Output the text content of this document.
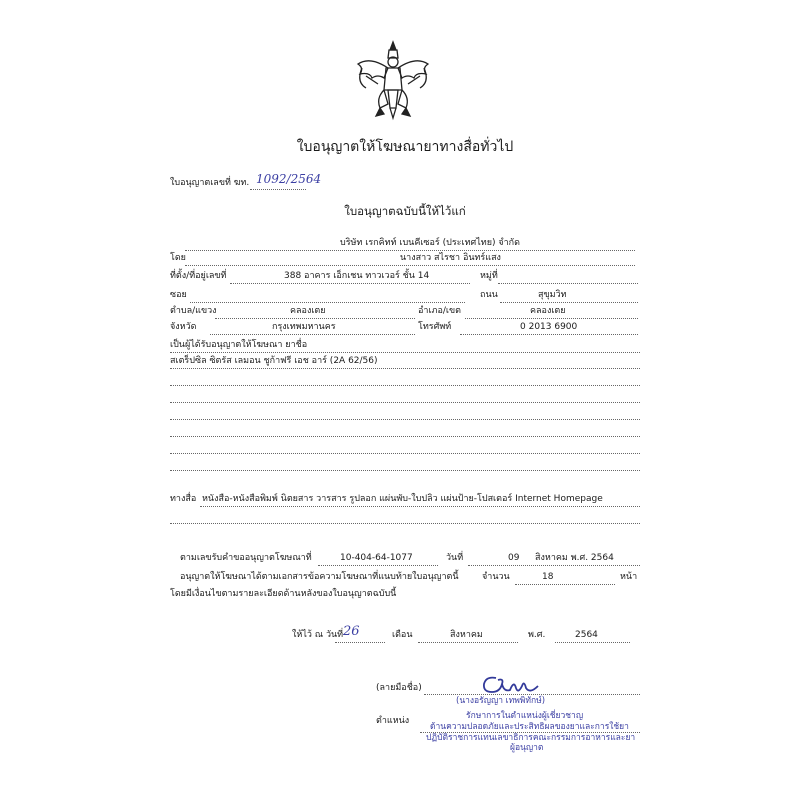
ใบอนุญาตให้โฆษณายาทางสื่อทั่วไป
ใบอนุญาตเลขที่ ฆท. 1092/2564
ใบอนุญาตฉบับนี้ให้ไว้แก่
บริษัท เรกคิทท์ เบนคีเซอร์ (ประเทศไทย) จำกัด
โดย	นางสาว สไรชา อินทร์แสง
ที่ตั้ง/ที่อยู่เลขที่	388 อาคาร เอ็กเชน ทาวเวอร์ ชั้น 14	หมู่ที่
ซอย	ถนน	สุขุมวิท
ตำบล/แขวง	คลองเตย	อำเภอ/เขต	คลองเตย
จังหวัด	กรุงเทพมหานคร	โทรศัพท์	0 2013 6900
เป็นผู้ได้รับอนุญาตให้โฆษณา ยาชื่อ
สเตร็ปซิล ซิตรัส เลมอน ชูก้าฟรี เอช อาร์ (2A 62/56)
ทางสื่อ หนังสือ-หนังสือพิมพ์ นิตยสาร วารสาร รูปลอก แผ่นพับ-ใบปลิว แผ่นป้าย-โปสเตอร์ Internet Homepage
ตามเลขรับคำขออนุญาตโฆษณาที่	10-404-64-1077	วันที่	09 สิงหาคม พ.ศ. 2564
อนุญาตให้โฆษณาได้ตามเอกสารข้อความโฆษณาที่แนบท้ายใบอนุญาตนี้	จำนวน	18	หน้า
โดยมีเงื่อนไขตามรายละเอียดด้านหลังของใบอนุญาตฉบับนี้
ให้ไว้ ณ วันที่ 26	เดือน	สิงหาคม	พ.ศ.	2564
(ลายมือชื่อ)
(นางอรัญญา เทพพิทักษ์)
ตำแหน่ง	รักษาการในตำแหน่งผู้เชี่ยวชาญ
ด้านความปลอดภัยและประสิทธิผลของยาและการใช้ยา
ปฏิบัติราชการแทนเลขาธิการคณะกรรมการอาหารและยา
ผู้อนุญาต
